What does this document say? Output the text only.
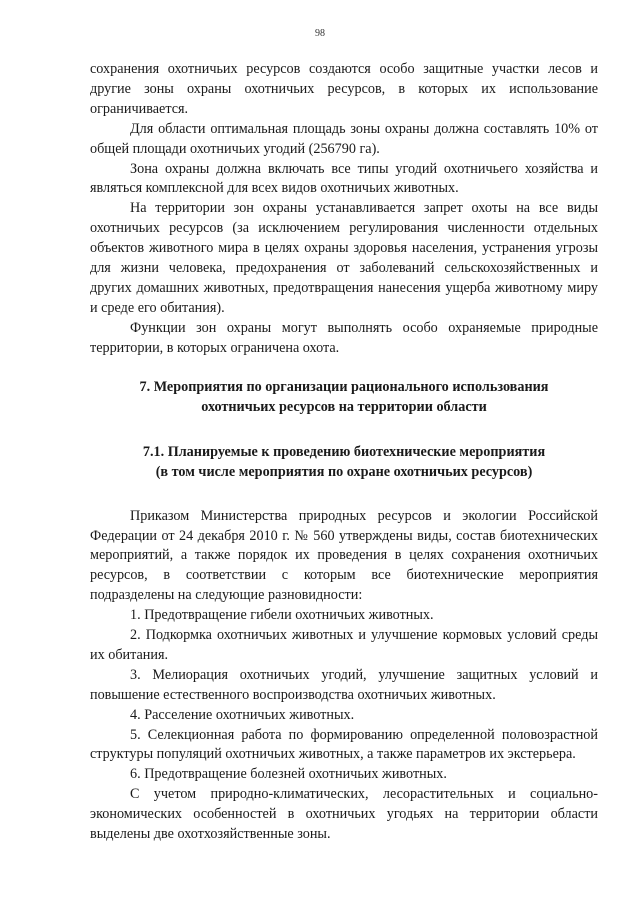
98

сохранения охотничьих ресурсов создаются особо защитные участки лесов и другие зоны охраны охотничьих ресурсов, в которых их использование ограничивается.

Для области оптимальная площадь зоны охраны должна составлять 10% от общей площади охотничьих угодий (256790 га).

Зона охраны должна включать все типы угодий охотничьего хозяйства и являться комплексной для всех видов охотничьих животных.

На территории зон охраны устанавливается запрет охоты на все виды охотничьих ресурсов (за исключением регулирования численности отдельных объектов животного мира в целях охраны здоровья населения, устранения угрозы для жизни человека, предохранения от заболеваний сельскохозяйственных и других домашних животных, предотвращения нанесения ущерба животному миру и среде его обитания).

Функции зон охраны могут выполнять особо охраняемые природные территории, в которых ограничена охота.

7. Мероприятия по организации рационального использования

охотничьих ресурсов на территории области

7.1. Планируемые к проведению биотехнические мероприятия

(в том числе мероприятия по охране охотничьих ресурсов)

Приказом Министерства природных ресурсов и экологии Российской Федерации от 24 декабря 2010 г. № 560 утверждены виды, состав биотехнических мероприятий, а также порядок их проведения в целях сохранения охотничьих ресурсов, в соответствии с которым все биотехнические мероприятия подразделены на следующие разновидности:

1. Предотвращение гибели охотничьих животных.

2. Подкормка охотничьих животных и улучшение кормовых условий среды их обитания.

3. Мелиорация охотничьих угодий, улучшение защитных условий и повышение естественного воспроизводства охотничьих животных.

4. Расселение охотничьих животных.

5. Селекционная работа по формированию определенной половозрастной структуры популяций охотничьих животных, а также параметров их экстерьера.

6. Предотвращение болезней охотничьих животных.

С учетом природно-климатических, лесорастительных и социально-экономических особенностей в охотничьих угодьях на территории области выделены две охотхозяйственные зоны.
